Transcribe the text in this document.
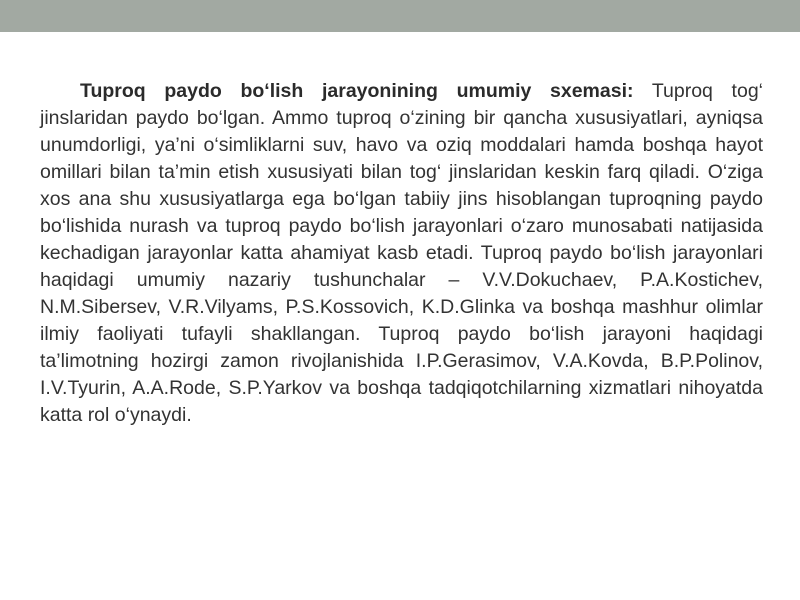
Tuproq paydo bo‘lish jarayonining umumiy sxemasi: Tuproq tog‘ jinslaridan paydo bo‘lgan. Ammo tuproq o‘zining bir qancha xususiyatlari, ayniqsa unumdorligi, ya’ni o‘simliklarni suv, havo va oziq moddalari hamda boshqa hayot omillari bilan ta’min etish xususiyati bilan tog‘ jinslaridan keskin farq qiladi. O‘ziga xos ana shu xususiyatlarga ega bo‘lgan tabiiy jins hisoblangan tuproqning paydo bo‘lishida nurash va tuproq paydo bo‘lish jarayonlari o‘zaro munosabati natijasida kechadigan jarayonlar katta ahamiyat kasb etadi. Tuproq paydo bo‘lish jarayonlari haqidagi umumiy nazariy tushunchalar – V.V.Dokuchaev, P.A.Kostichev, N.M.Sibersev, V.R.Vilyams, P.S.Kossovich, K.D.Glinka va boshqa mashhur olimlar ilmiy faoliyati tufayli shakllangan. Tuproq paydo bo‘lish jarayoni haqidagi ta’limotning hozirgi zamon rivojlanishida I.P.Gerasimov, V.A.Kovda, B.P.Polinov, I.V.Tyurin, A.A.Rode, S.P.Yarkov va boshqa tadqiqotchilarning xizmatlari nihoyatda katta rol o‘ynaydi.
